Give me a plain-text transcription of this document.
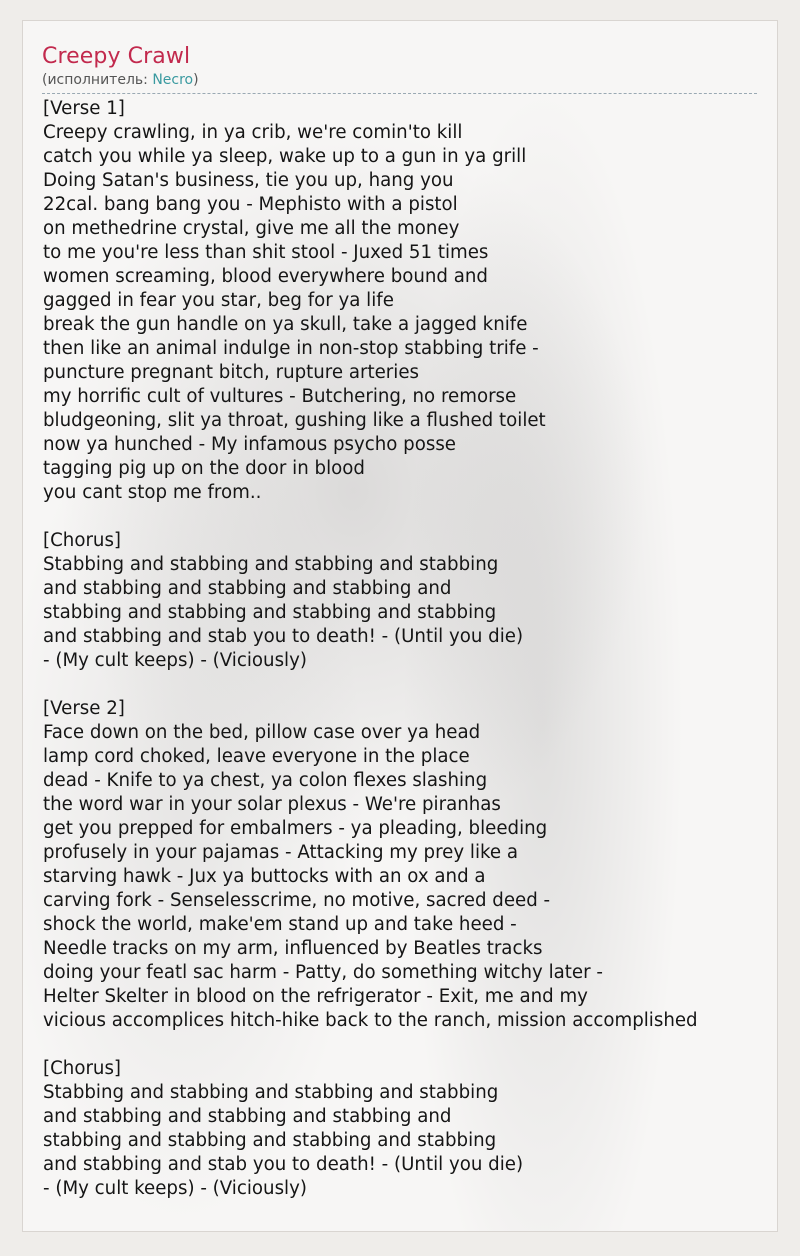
Creepy Crawl
(исполнитель: Necro)
[Verse 1]
Creepy crawling, in ya crib, we're comin'to kill
catch you while ya sleep, wake up to a gun in ya grill
Doing Satan's business, tie you up, hang you
22cal. bang bang you - Mephisto with a pistol
on methedrine crystal, give me all the money
to me you're less than shit stool - Juxed 51 times
women screaming, blood everywhere bound and
gagged in fear you star, beg for ya life
break the gun handle on ya skull, take a jagged knife
then like an animal indulge in non-stop stabbing trife -
puncture pregnant bitch, rupture arteries
my horrific cult of vultures - Butchering, no remorse
bludgeoning, slit ya throat, gushing like a flushed toilet
now ya hunched - My infamous psycho posse
tagging pig up on the door in blood
you cant stop me from..

[Chorus]
Stabbing and stabbing and stabbing and stabbing
and stabbing and stabbing and stabbing and
stabbing and stabbing and stabbing and stabbing
and stabbing and stab you to death! - (Until you die)
- (My cult keeps) - (Viciously)

[Verse 2]
Face down on the bed, pillow case over ya head
lamp cord choked, leave everyone in the place
dead - Knife to ya chest, ya colon flexes slashing
the word war in your solar plexus - We're piranhas
get you prepped for embalmers - ya pleading, bleeding
profusely in your pajamas - Attacking my prey like a
starving hawk - Jux ya buttocks with an ox and a
carving fork - Senselesscrime, no motive, sacred deed -
shock the world, make'em stand up and take heed -
Needle tracks on my arm, influenced by Beatles tracks
doing your featl sac harm - Patty, do something witchy later -
Helter Skelter in blood on the refrigerator - Exit, me and my
vicious accomplices hitch-hike back to the ranch, mission accomplished

[Chorus]
Stabbing and stabbing and stabbing and stabbing
and stabbing and stabbing and stabbing and
stabbing and stabbing and stabbing and stabbing
and stabbing and stab you to death! - (Until you die)
- (My cult keeps) - (Viciously)
